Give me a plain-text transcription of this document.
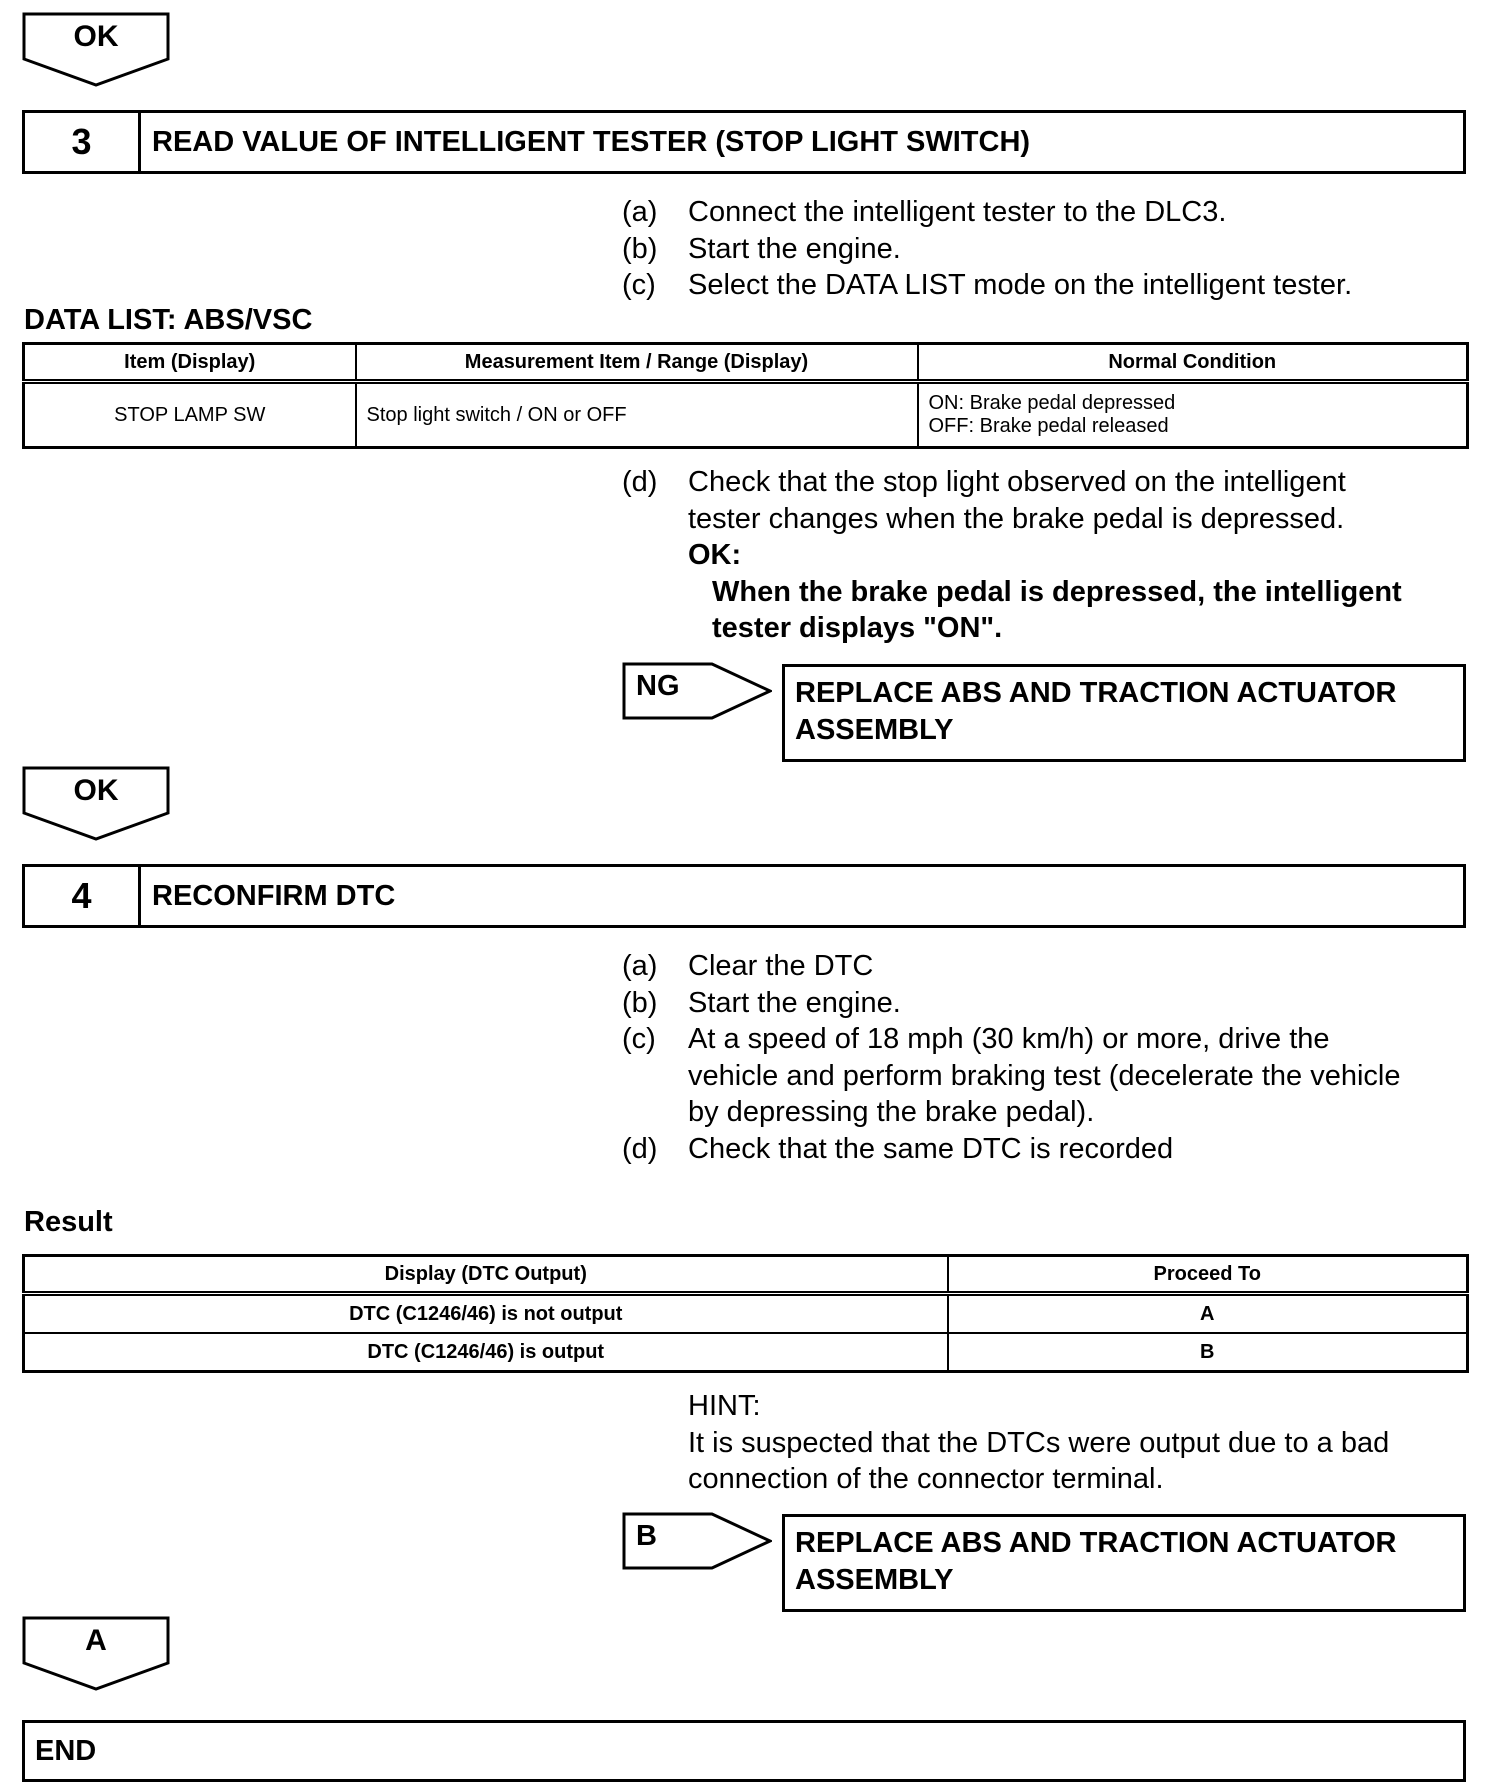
OK
3	READ VALUE OF INTELLIGENT TESTER (STOP LIGHT SWITCH)
(a)	Connect the intelligent tester to the DLC3.
(b)	Start the engine.
(c)	Select the DATA LIST mode on the intelligent tester.
DATA LIST: ABS/VSC
Item (Display)	Measurement Item / Range (Display)	Normal Condition
STOP LAMP SW	Stop light switch / ON or OFF	ON: Brake pedal depressed
OFF: Brake pedal released
(d)	Check that the stop light observed on the intelligent
tester changes when the brake pedal is depressed.
OK:
When the brake pedal is depressed, the intelligent
tester displays "ON".
NG	REPLACE ABS AND TRACTION ACTUATOR
ASSEMBLY
OK
4	RECONFIRM DTC
(a)	Clear the DTC
(b)	Start the engine.
(c)	At a speed of 18 mph (30 km/h) or more, drive the
vehicle and perform braking test (decelerate the vehicle
by depressing the brake pedal).
(d)	Check that the same DTC is recorded
Result
Display (DTC Output)	Proceed To
DTC (C1246/46) is not output	A
DTC (C1246/46) is output	B
HINT:
It is suspected that the DTCs were output due to a bad
connection of the connector terminal.
B	REPLACE ABS AND TRACTION ACTUATOR
ASSEMBLY
A
END
